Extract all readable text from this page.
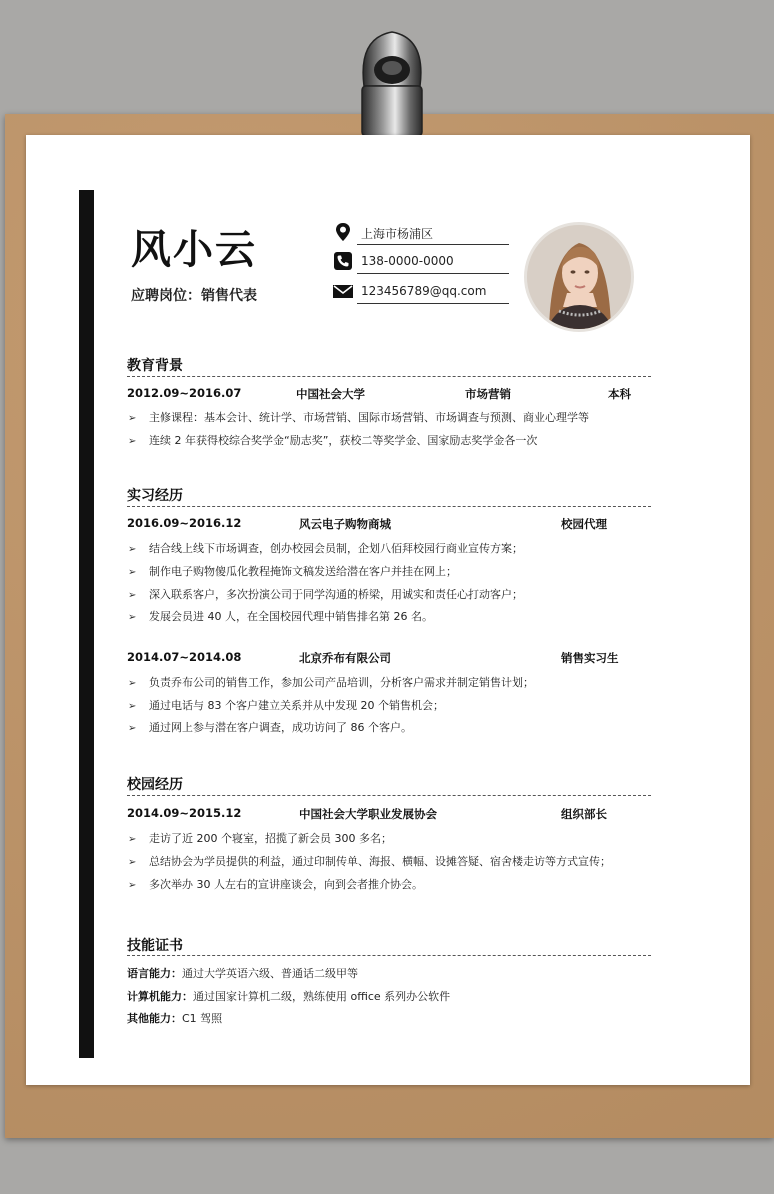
风小云
应聘岗位：销售代表
上海市杨浦区
138-0000-0000
123456789@qq.com
教育背景
2012.09~2016.07	中国社会大学	市场营销	本科
➢ 主修课程：基本会计、统计学、市场营销、国际市场营销、市场调查与预测、商业心理学等
➢ 连续 2 年获得校综合奖学金“励志奖”，获校二等奖学金、国家励志奖学金各一次
实习经历
2016.09~2016.12	风云电子购物商城	校园代理
➢ 结合线上线下市场调查，创办校园会员制，企划八佰拜校园行商业宣传方案；
➢ 制作电子购物傻瓜化教程掩饰文稿发送给潜在客户并挂在网上；
➢ 深入联系客户，多次扮演公司于同学沟通的桥梁，用诚实和责任心打动客户；
➢ 发展会员进 40 人，在全国校园代理中销售排名第 26 名。
2014.07~2014.08	北京乔布有限公司	销售实习生
➢ 负责乔布公司的销售工作，参加公司产品培训，分析客户需求并制定销售计划；
➢ 通过电话与 83 个客户建立关系并从中发现 20 个销售机会；
➢ 通过网上参与潜在客户调查，成功访问了 86 个客户。
校园经历
2014.09~2015.12	中国社会大学职业发展协会	组织部长
➢ 走访了近 200 个寝室，招揽了新会员 300 多名；
➢ 总结协会为学员提供的利益，通过印制传单、海报、横幅、设摊答疑、宿舍楼走访等方式宣传；
➢ 多次举办 30 人左右的宣讲座谈会，向到会者推介协会。
技能证书
语言能力：通过大学英语六级、普通话二级甲等
计算机能力：通过国家计算机二级，熟练使用 office 系列办公软件
其他能力：C1 驾照
